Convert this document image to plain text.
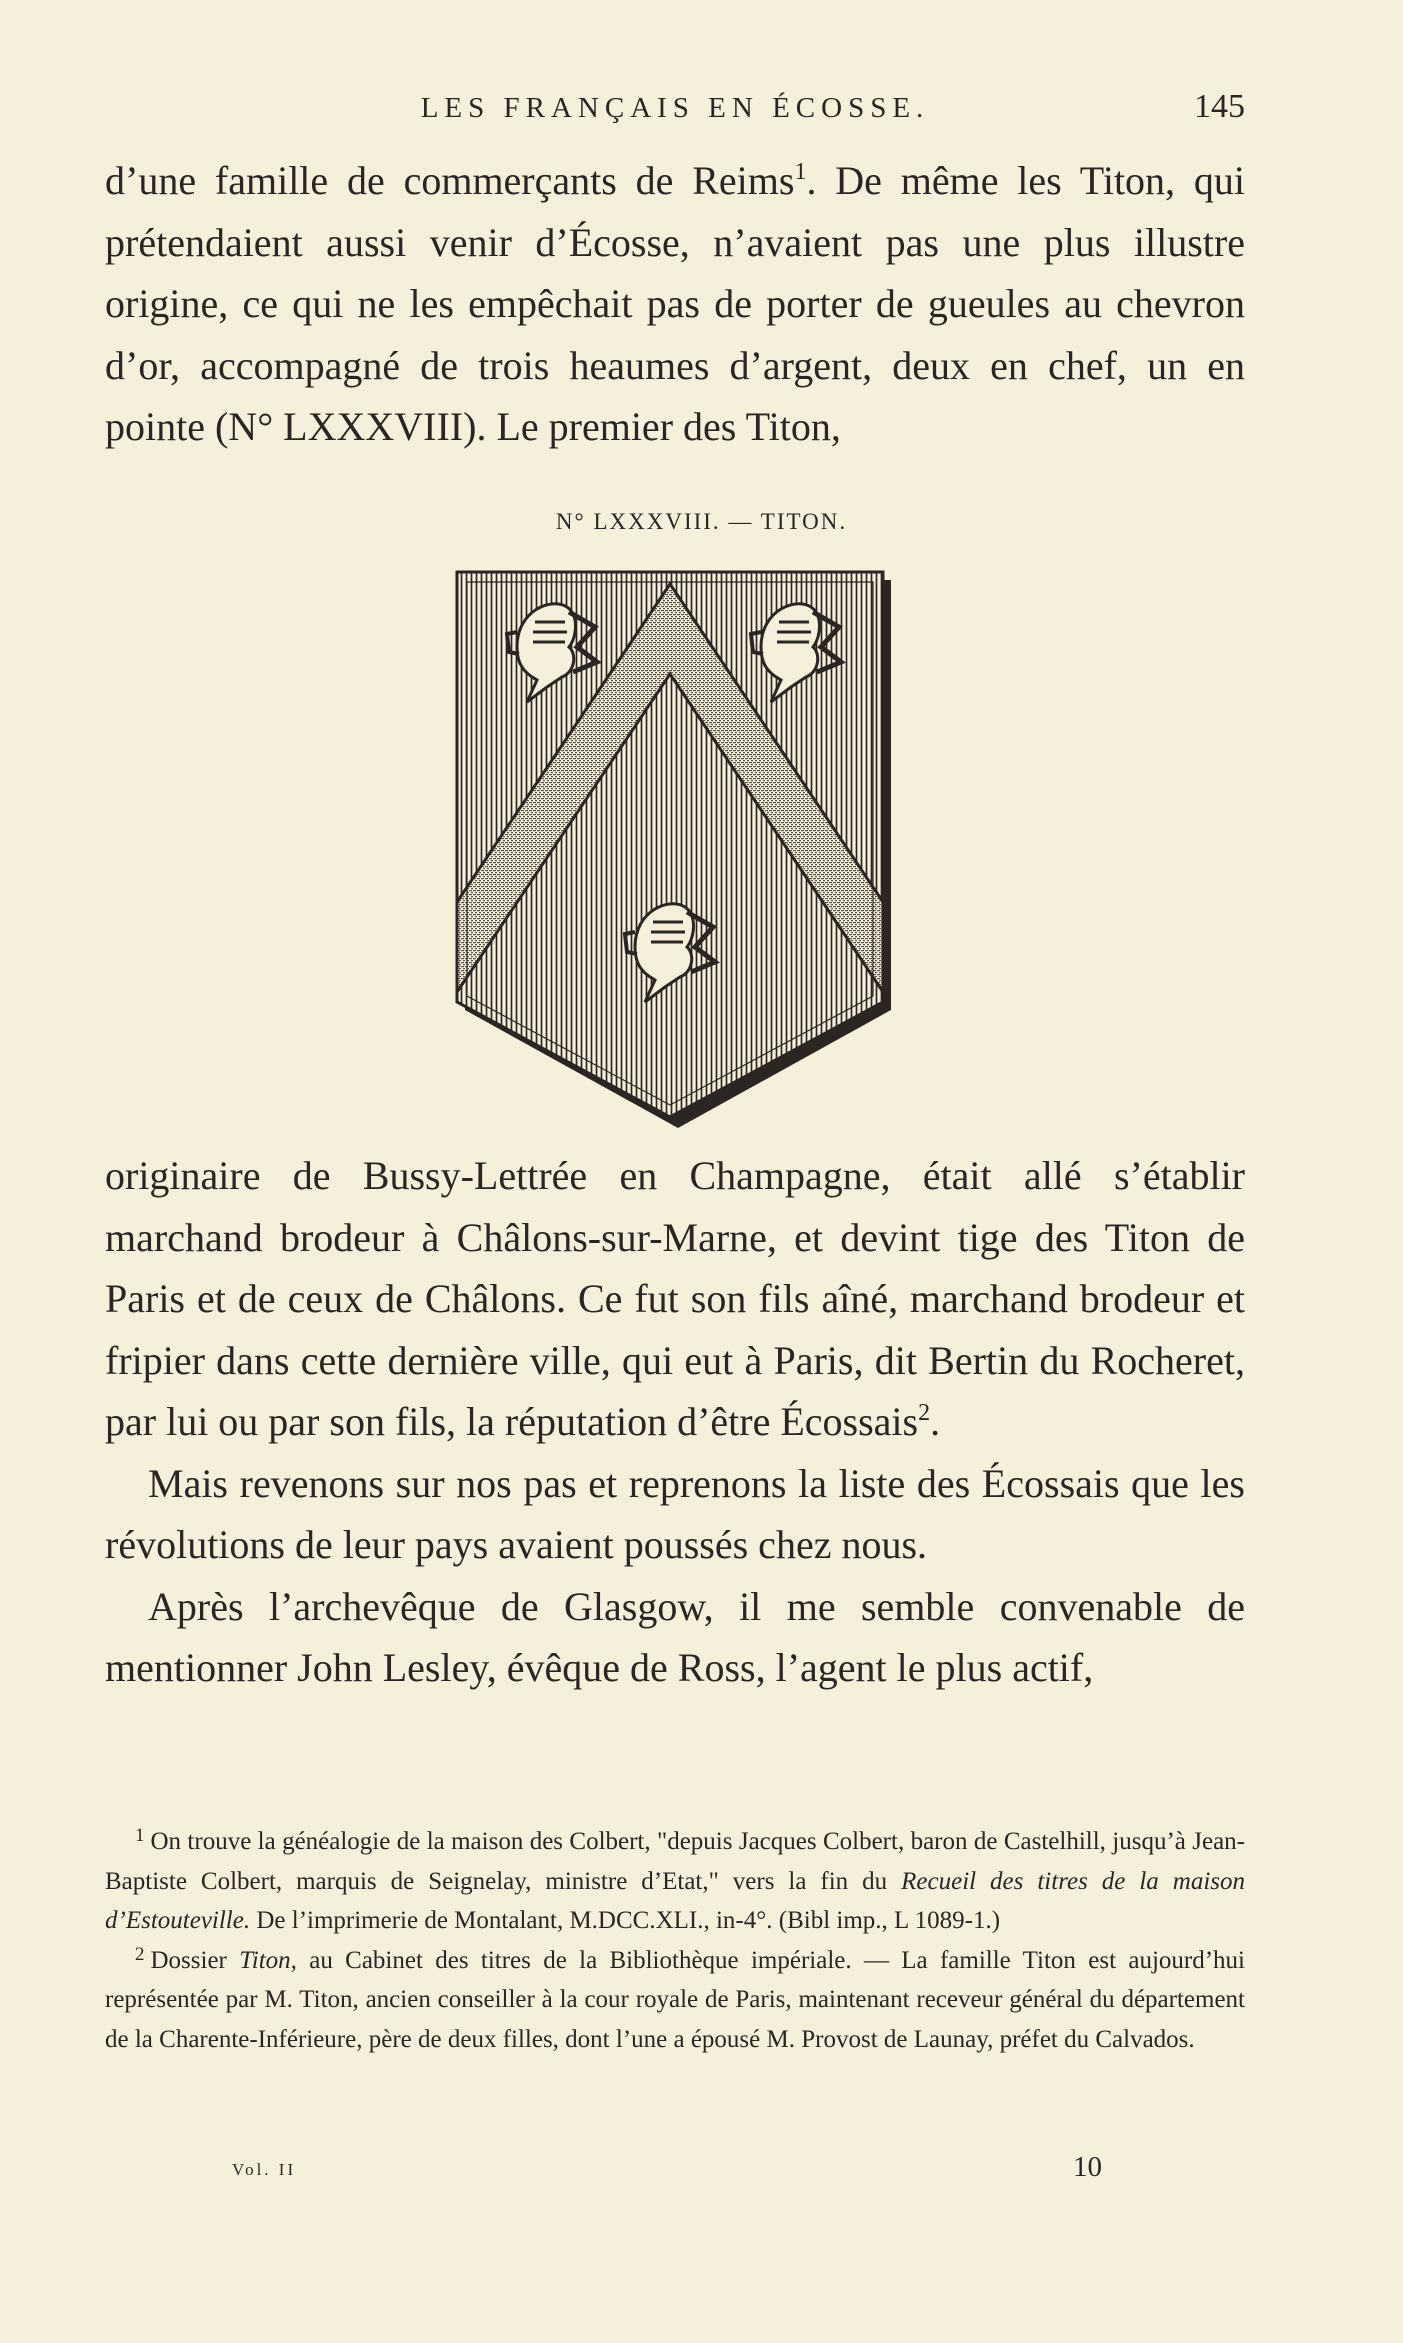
LES FRANÇAIS EN ÉCOSSE.	145

d’une famille de commerçants de Reims$^1$. De même les Titon, qui prétendaient aussi venir d’Écosse, n’avaient pas une plus illustre origine, ce qui ne les empêchait pas de porter de gueules au chevron d’or, accompagné de trois heaumes d’argent, deux en chef, un en pointe (N° LXXXVIII). Le premier des Titon,

N° LXXXVIII. — TITON.

originaire de Bussy-Lettrée en Champagne, était allé s’établir marchand brodeur à Châlons-sur-Marne, et devint tige des Titon de Paris et de ceux de Châlons. Ce fut son fils aîné, marchand brodeur et fripier dans cette dernière ville, qui eut à Paris, dit Bertin du Rocheret, par lui ou par son fils, la réputation d’être Écossais$^2$.

Mais revenons sur nos pas et reprenons la liste des Écossais que les révolutions de leur pays avaient poussés chez nous.

Après l’archevêque de Glasgow, il me semble convenable de mentionner John Lesley, évêque de Ross, l’agent le plus actif,

$^1$ On trouve la généalogie de la maison des Colbert, "depuis Jacques Colbert, baron de Castelhill, jusqu’à Jean-Baptiste Colbert, marquis de Seignelay, ministre d’Etat," vers la fin du Recueil des titres de la maison d’Estouteville. De l’imprimerie de Montalant, M.DCC.XLI., in-4°. (Bibl imp., L 1089-1.)

$^2$ Dossier Titon, au Cabinet des titres de la Bibliothèque impériale. — La famille Titon est aujourd’hui représentée par M. Titon, ancien conseiller à la cour royale de Paris, maintenant receveur général du département de la Charente-Inférieure, père de deux filles, dont l’une a épousé M. Provost de Launay, préfet du Calvados.

Vol. II	10
